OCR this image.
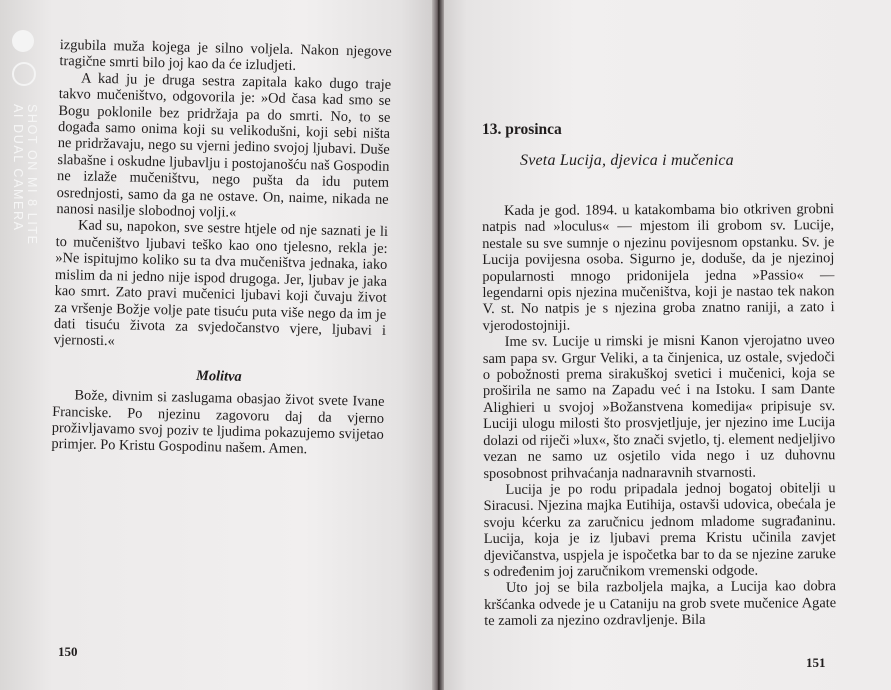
SHOT ON MI 8 LITE
AI DUAL CAMERA

izgubila muža kojega je silno voljela. Nakon njegove tragične smrti bilo joj kao da će izludjeti.

A kad ju je druga sestra zapitala kako dugo traje takvo mučeništvo, odgovorila je: »Od časa kad smo se Bogu poklonile bez pridržaja pa do smrti. No, to se događa samo onima koji su velikodušni, koji sebi ništa ne pridržavaju, nego su vjerni jedino svojoj ljubavi. Duše slabašne i oskudne ljubavlju i postojanošću naš Gospodin ne izlaže mučeništvu, nego pušta da idu putem osrednjosti, samo da ga ne ostave. On, naime, nikada ne nanosi nasilje slobodnoj volji.«

Kad su, napokon, sve sestre htjele od nje saznati je li to mučeništvo ljubavi teško kao ono tjelesno, rekla je: »Ne ispitujmo koliko su ta dva mučeništva jednaka, iako mislim da ni jedno nije ispod drugoga. Jer, ljubav je jaka kao smrt. Zato pravi mučenici ljubavi koji čuvaju život za vršenje Božje volje pate tisuću puta više nego da im je dati tisuću života za svjedočanstvo vjere, ljubavi i vjernosti.«

Molitva

Bože, divnim si zaslugama obasjao život svete Ivane Franciske. Po njezinu zagovoru daj da vjerno proživljavamo svoj poziv te ljudima pokazujemo svijetao primjer. Po Kristu Gospodinu našem. Amen.

150
13. prosinca
Sveta Lucija, djevica i mučenica

Kada je god. 1894. u katakombama bio otkriven grobni natpis nad »loculus« — mjestom ili grobom sv. Lucije, nestale su sve sumnje o njezinu povijesnom opstanku. Sv. je Lucija povijesna osoba. Sigurno je, doduše, da je njezinoj popularnosti mnogo pridonijela jedna »Passio« — legendarni opis njezina mučeništva, koji je nastao tek nakon V. st. No natpis je s njezina groba znatno raniji, a zato i vjerodostojniji.

Ime sv. Lucije u rimski je misni Kanon vjerojatno uveo sam papa sv. Grgur Veliki, a ta činjenica, uz ostale, svjedoči o pobožnosti prema sirakuškoj svetici i mučenici, koja se proširila ne samo na Zapadu već i na Istoku. I sam Dante Alighieri u svojoj »Božanstvena komedija« pripisuje sv. Luciji ulogu milosti što prosvjetljuje, jer njezino ime Lucija dolazi od riječi »lux«, što znači svjetlo, tj. element nedjeljivo vezan ne samo uz osjetilo vida nego i uz duhovnu sposobnost prihvaćanja nadnaravnih stvarnosti.

Lucija je po rodu pripadala jednoj bogatoj obitelji u Siracusi. Njezina majka Eutihija, ostavši udovica, obećala je svoju kćerku za zaručnicu jednom mladome sugrađaninu. Lucija, koja je iz ljubavi prema Kristu učinila zavjet djevičanstva, uspjela je ispočetka bar to da se njezine zaruke s određenim joj zaručnikom vremenski odgode.

Uto joj se bila razboljela majka, a Lucija kao dobra kršćanka odvede je u Cataniju na grob svete mučenice Agate te zamoli za njezino ozdravljenje. Bila

151
